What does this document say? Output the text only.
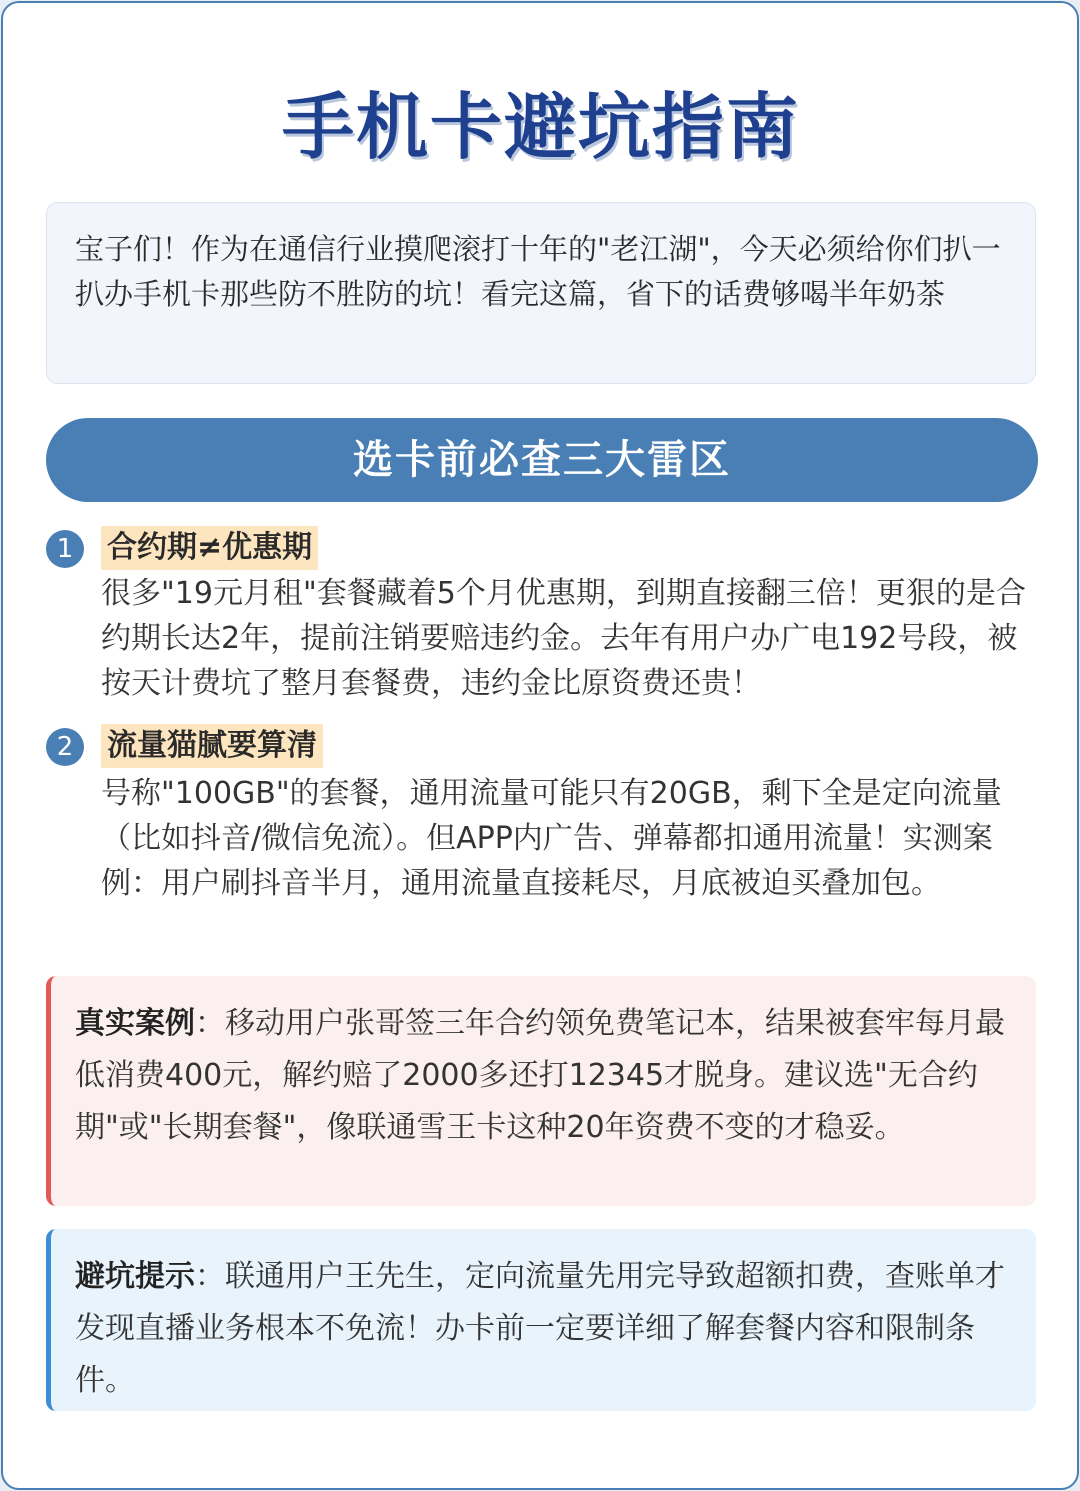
手机卡避坑指南
宝子们！作为在通信行业摸爬滚打十年的"老江湖"，今天必须给你们扒一扒办手机卡那些防不胜防的坑！看完这篇，省下的话费够喝半年奶茶
选卡前必查三大雷区
1	合约期≠优惠期
很多"19元月租"套餐藏着5个月优惠期，到期直接翻三倍！更狠的是合约期长达2年，提前注销要赔违约金。去年有用户办广电192号段，被按天计费坑了整月套餐费，违约金比原资费还贵！
2	流量猫腻要算清
号称"100GB"的套餐，通用流量可能只有20GB，剩下全是定向流量（比如抖音/微信免流）。但APP内广告、弹幕都扣通用流量！实测案例：用户刷抖音半月，通用流量直接耗尽，月底被迫买叠加包。
真实案例：移动用户张哥签三年合约领免费笔记本，结果被套牢每月最低消费400元，解约赔了2000多还打12345才脱身。建议选"无合约期"或"长期套餐"，像联通雪王卡这种20年资费不变的才稳妥。
避坑提示：联通用户王先生，定向流量先用完导致超额扣费，查账单才发现直播业务根本不免流！办卡前一定要详细了解套餐内容和限制条件。
